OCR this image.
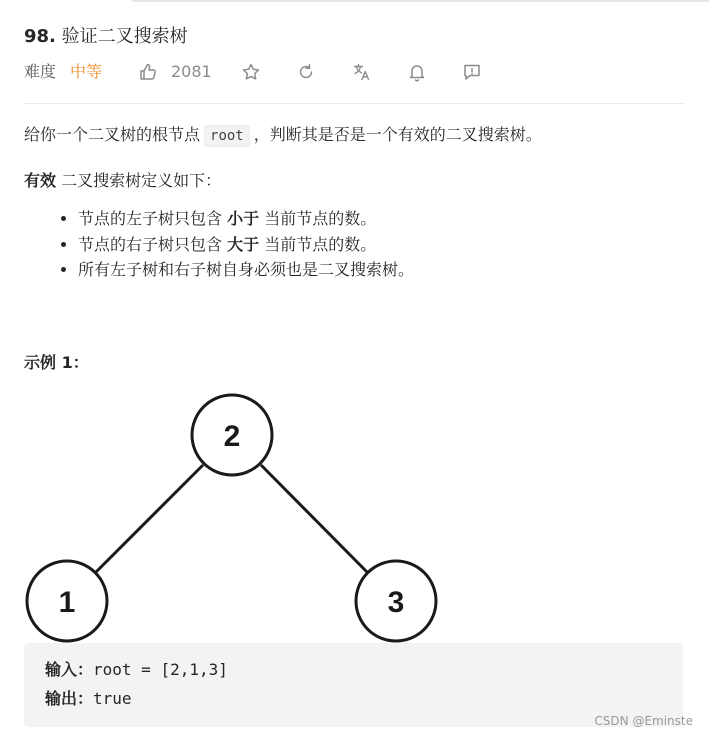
98. 验证二叉搜索树
难度 中等	2081
给你一个二叉树的根节点 root ，判断其是否是一个有效的二叉搜索树。
有效 二叉搜索树定义如下：
• 节点的左子树只包含 小于 当前节点的数。
• 节点的右子树只包含 大于 当前节点的数。
• 所有左子树和右子树自身必须也是二叉搜索树。
示例 1：
2
1	3
输入：root = [2,1,3]
输出：true
CSDN @Eminste
